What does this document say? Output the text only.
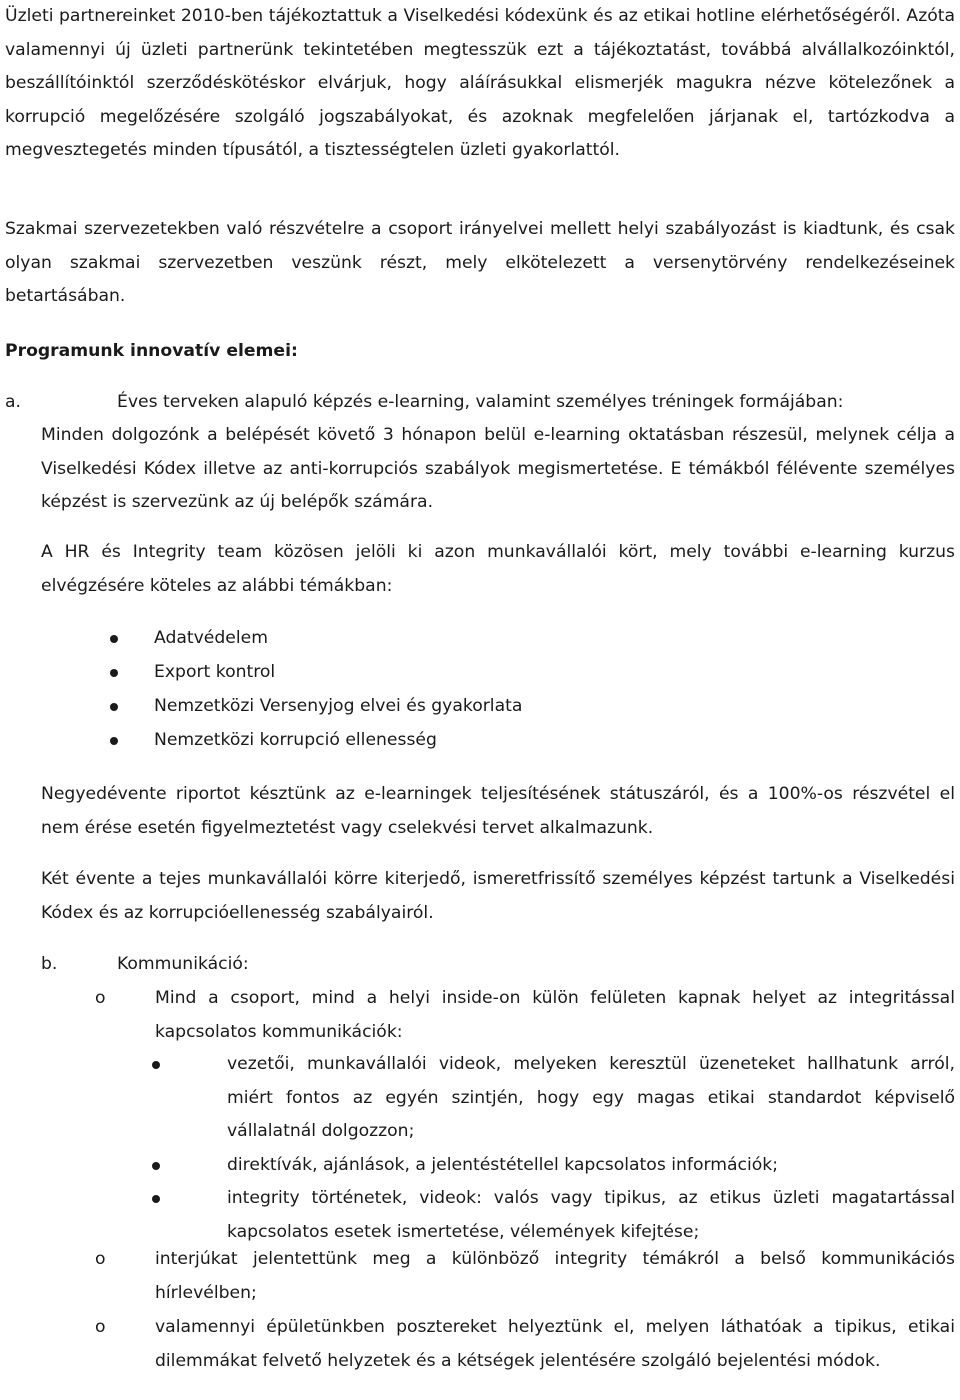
Üzleti partnereinket 2010-ben tájékoztattuk a Viselkedési kódexünk és az etikai hotline elérhetőségéről. Azóta valamennyi új üzleti partnerünk tekintetében megtesszük ezt a tájékoztatást, továbbá alvállalkozóinktól, beszállítóinktól szerződéskötéskor elvárjuk, hogy aláírásukkal elismerjék magukra nézve kötelezőnek a korrupció megelőzésére szolgáló jogszabályokat, és azoknak megfelelően járjanak el, tartózkodva a megvesztegetés minden típusától, a tisztességtelen üzleti gyakorlattól.

Szakmai szervezetekben való részvételre a csoport irányelvei mellett helyi szabályozást is kiadtunk, és csak olyan szakmai szervezetben veszünk részt, mely elkötelezett a versenytörvény rendelkezéseinek betartásában.

Programunk innovatív elemei:
a.	Éves terveken alapuló képzés e-learning, valamint személyes tréningek formájában:

Minden dolgozónk a belépését követő 3 hónapon belül e-learning oktatásban részesül, melynek célja a Viselkedési Kódex illetve az anti-korrupciós szabályok megismertetése. E témákból félévente személyes képzést is szervezünk az új belépők számára.

A HR és Integrity team közösen jelöli ki azon munkavállalói kört, mely további e-learning kurzus elvégzésére köteles az alábbi témákban:

Adatvédelem
Export kontrol
Nemzetközi Versenyjog elvei és gyakorlata
Nemzetközi korrupció ellenesség

Negyedévente riportot késztünk az e-learningek teljesítésének státuszáról, és a 100%-os részvétel el nem érése esetén figyelmeztetést vagy cselekvési tervet alkalmazunk.

Két évente a tejes munkavállalói körre kiterjedő, ismeretfrissítő személyes képzést tartunk a Viselkedési Kódex és az korrupcióellenesség szabályairól.

b.	Kommunikáció:
o	Mind a csoport, mind a helyi inside-on külön felületen kapnak helyet az integritással kapcsolatos kommunikációk:

vezetői, munkavállalói videok, melyeken keresztül üzeneteket hallhatunk arról, miért fontos az egyén szintjén, hogy egy magas etikai standardot képviselő vállalatnál dolgozzon;
direktívák, ajánlások, a jelentéstétellel kapcsolatos információk;
integrity történetek, videok: valós vagy tipikus, az etikus üzleti magatartással kapcsolatos esetek ismertetése, vélemények kifejtése;
o	interjúkat jelentettünk meg a különböző integrity témákról a belső kommunikációs hírlevélben;

o	valamennyi épületünkben posztereket helyeztünk el, melyen láthatóak a tipikus, etikai dilemmákat felvető helyzetek és a kétségek jelentésére szolgáló bejelentési módok.
